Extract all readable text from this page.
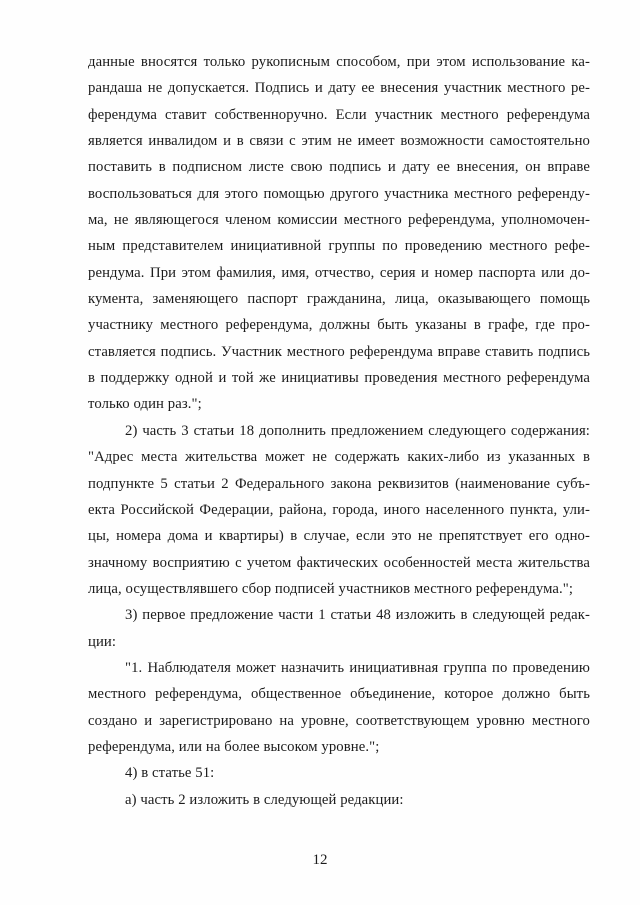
данные вносятся только рукописным способом, при этом использование ка-
рандаша не допускается. Подпись и дату ее внесения участник местного ре-
ферендума ставит собственноручно. Если участник местного референдума
является инвалидом и в связи с этим не имеет возможности самостоятельно
поставить в подписном листе свою подпись и дату ее внесения, он вправе
воспользоваться для этого помощью другого участника местного референду-
ма, не являющегося членом комиссии местного референдума, уполномочен-
ным представителем инициативной группы по проведению местного рефе-
рендума. При этом фамилия, имя, отчество, серия и номер паспорта или до-
кумента, заменяющего паспорт гражданина, лица, оказывающего помощь
участнику местного референдума, должны быть указаны в графе, где про-
ставляется подпись. Участник местного референдума вправе ставить подпись
в поддержку одной и той же инициативы проведения местного референдума
только один раз.";
2) часть 3 статьи 18 дополнить предложением следующего содержания:
"Адрес места жительства может не содержать каких-либо из указанных в
подпункте 5 статьи 2 Федерального закона реквизитов (наименование субъ-
екта Российской Федерации, района, города, иного населенного пункта, ули-
цы, номера дома и квартиры) в случае, если это не препятствует его одно-
значному восприятию с учетом фактических особенностей места жительства
лица, осуществлявшего сбор подписей участников местного референдума.";
3) первое предложение части 1 статьи 48 изложить в следующей редак-
ции:
"1. Наблюдателя может назначить инициативная группа по проведению
местного референдума, общественное объединение, которое должно быть
создано и зарегистрировано на уровне, соответствующем уровню местного
референдума, или на более высоком уровне.";
4) в статье 51:
а) часть 2 изложить в следующей редакции:
12
